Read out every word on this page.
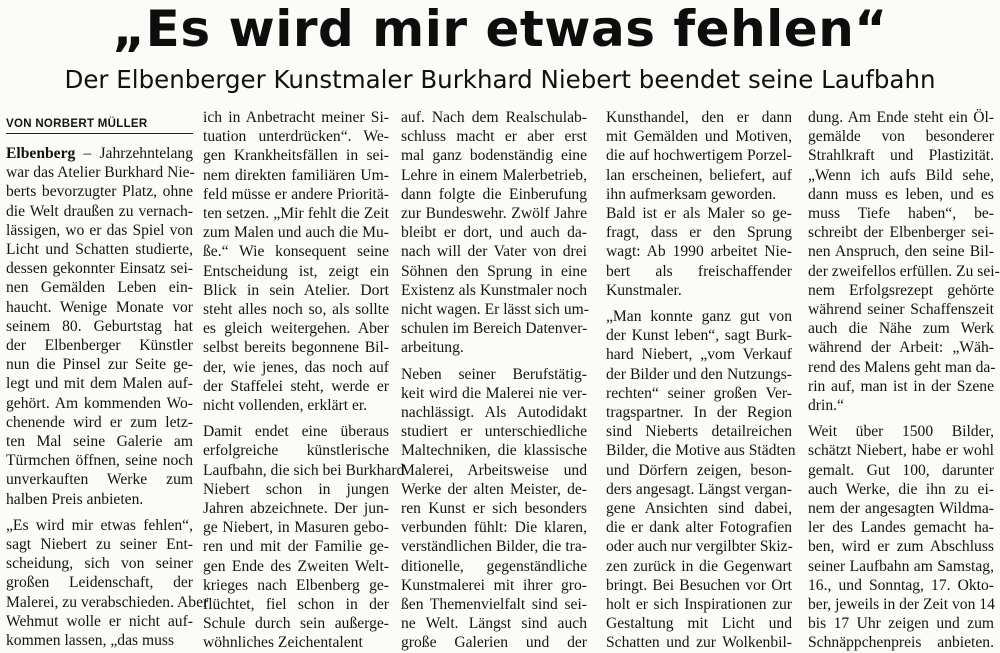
„Es wird mir etwas fehlen“
Der Elbenberger Kunstmaler Burkhard Niebert beendet seine Laufbahn
VON NORBERT MÜLLER
Elbenberg – Jahrzehntelang
war das Atelier Burkhard Nie-
berts bevorzugter Platz, ohne
die Welt draußen zu vernach-
lässigen, wo er das Spiel von
Licht und Schatten studierte,
dessen gekonnter Einsatz sei-
nen Gemälden Leben ein-
haucht. Wenige Monate vor
seinem 80. Geburtstag hat
der Elbenberger Künstler
nun die Pinsel zur Seite ge-
legt und mit dem Malen auf-
gehört. Am kommenden Wo-
chenende wird er zum letz-
ten Mal seine Galerie am
Türmchen öffnen, seine noch
unverkauften Werke zum
halben Preis anbieten.
„Es wird mir etwas fehlen“,
sagt Niebert zu seiner Ent-
scheidung, sich von seiner
großen Leidenschaft, der
Malerei, zu verabschieden. Aber
Wehmut wolle er nicht auf-
kommen lassen, „das muss
ich in Anbetracht meiner Si-
tuation unterdrücken“. We-
gen Krankheitsfällen in sei-
nem direkten familiären Um-
feld müsse er andere Prioritä-
ten setzen. „Mir fehlt die Zeit
zum Malen und auch die Mu-
ße.“ Wie konsequent seine
Entscheidung ist, zeigt ein
Blick in sein Atelier. Dort
steht alles noch so, als sollte
es gleich weitergehen. Aber
selbst bereits begonnene Bil-
der, wie jenes, das noch auf
der Staffelei steht, werde er
nicht vollenden, erklärt er.
Damit endet eine überaus
erfolgreiche künstlerische
Laufbahn, die sich bei Burkhard
Niebert schon in jungen
Jahren abzeichnete. Der jun-
ge Niebert, in Masuren gebo-
ren und mit der Familie ge-
gen Ende des Zweiten Welt-
krieges nach Elbenberg ge-
flüchtet, fiel schon in der
Schule durch sein außerge-
wöhnliches Zeichentalent
auf. Nach dem Realschulab-
schluss macht er aber erst
mal ganz bodenständig eine
Lehre in einem Malerbetrieb,
dann folgte die Einberufung
zur Bundeswehr. Zwölf Jahre
bleibt er dort, und auch da-
nach will der Vater von drei
Söhnen den Sprung in eine
Existenz als Kunstmaler noch
nicht wagen. Er lässt sich um-
schulen im Bereich Datenver-
arbeitung.
Neben seiner Berufstätig-
keit wird die Malerei nie ver-
nachlässigt. Als Autodidakt
studiert er unterschiedliche
Maltechniken, die klassische
Malerei, Arbeitsweise und
Werke der alten Meister, de-
ren Kunst er sich besonders
verbunden fühlt: Die klaren,
verständlichen Bilder, die tra-
ditionelle, gegenständliche
Kunstmalerei mit ihrer gro-
ßen Themenvielfalt sind sei-
ne Welt. Längst sind auch
große Galerien und der
Kunsthandel, den er dann
mit Gemälden und Motiven,
die auf hochwertigem Porzel-
lan erscheinen, beliefert, auf
ihn aufmerksam geworden.
Bald ist er als Maler so ge-
fragt, dass er den Sprung
wagt: Ab 1990 arbeitet Nie-
bert als freischaffender
Kunstmaler.
„Man konnte ganz gut von
der Kunst leben“, sagt Burk-
hard Niebert, „vom Verkauf
der Bilder und den Nutzungs-
rechten“ seiner großen Ver-
tragspartner. In der Region
sind Nieberts detailreichen
Bilder, die Motive aus Städten
und Dörfern zeigen, beson-
ders angesagt. Längst vergan-
gene Ansichten sind dabei,
die er dank alter Fotografien
oder auch nur vergilbter Skiz-
zen zurück in die Gegenwart
bringt. Bei Besuchen vor Ort
holt er sich Inspirationen zur
Gestaltung mit Licht und
Schatten und zur Wolkenbil-
dung. Am Ende steht ein Öl-
gemälde von besonderer
Strahlkraft und Plastizität.
„Wenn ich aufs Bild sehe,
dann muss es leben, und es
muss Tiefe haben“, be-
schreibt der Elbenberger sei-
nen Anspruch, den seine Bil-
der zweifellos erfüllen. Zu sei-
nem Erfolgsrezept gehörte
während seiner Schaffenszeit
auch die Nähe zum Werk
während der Arbeit: „Wäh-
rend des Malens geht man da-
rin auf, man ist in der Szene
drin.“
Weit über 1500 Bilder,
schätzt Niebert, habe er wohl
gemalt. Gut 100, darunter
auch Werke, die ihn zu ei-
nem der angesagten Wildma-
ler des Landes gemacht ha-
ben, wird er zum Abschluss
seiner Laufbahn am Samstag,
16., und Sonntag, 17. Okto-
ber, jeweils in der Zeit von 14
bis 17 Uhr zeigen und zum
Schnäppchenpreis anbieten.
